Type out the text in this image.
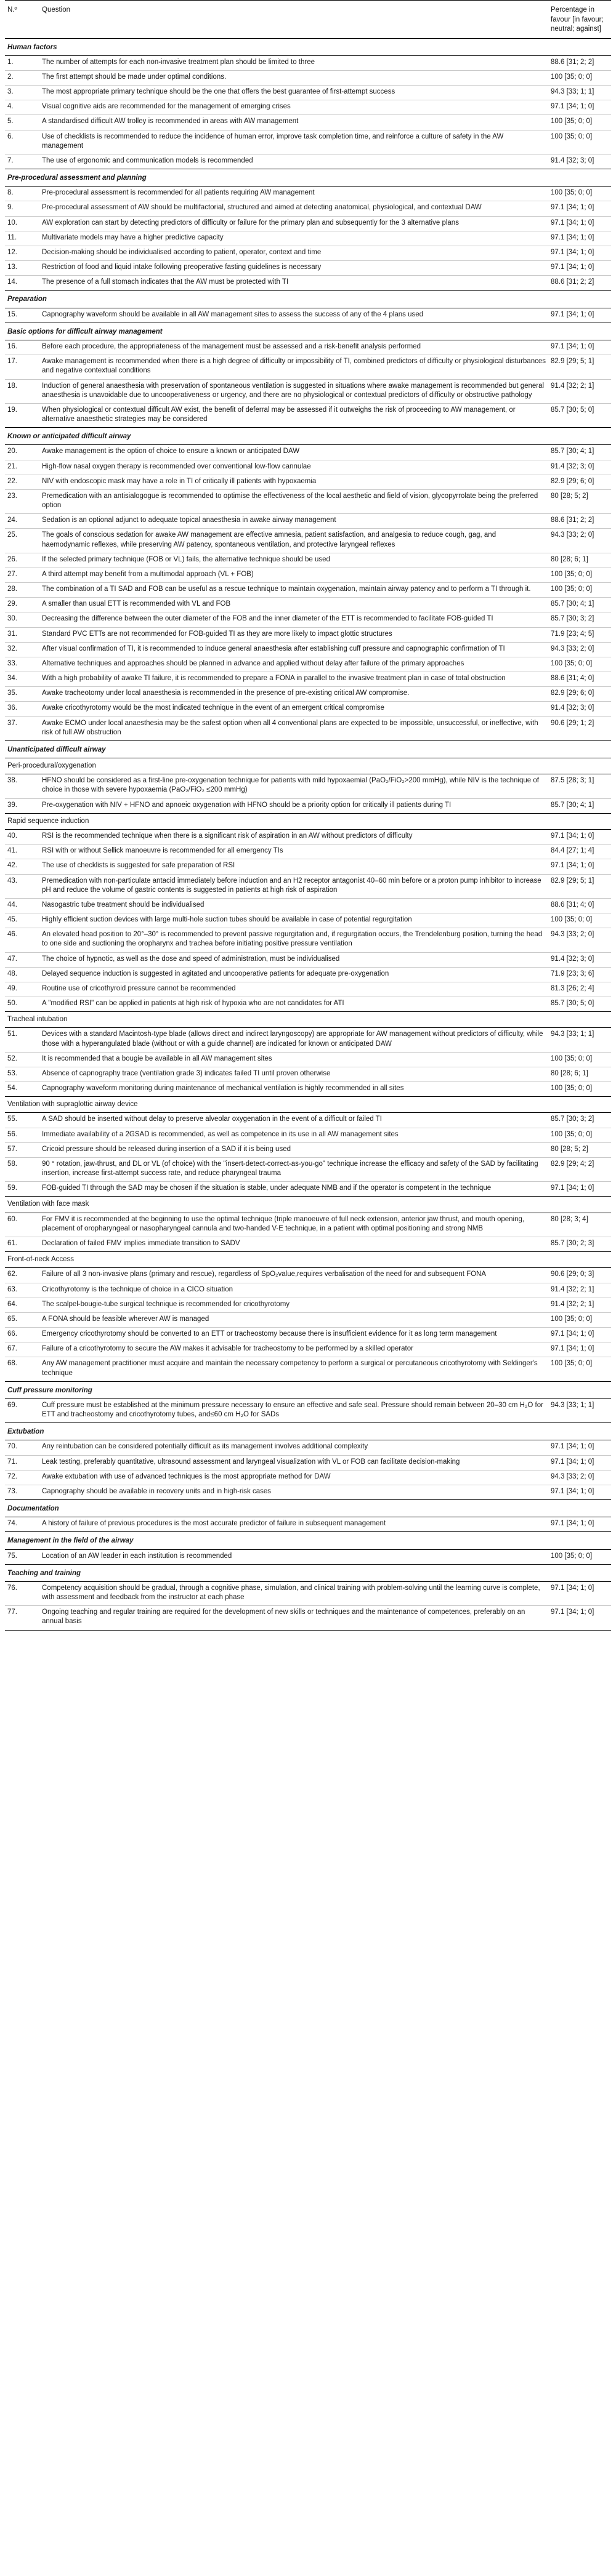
N.º	Question	Percentage in favour [in favour; neutral; against]
Human factors		
1.	The number of attempts for each non-invasive treatment plan should be limited to three	88.6 [31; 2; 2]
2.	The first attempt should be made under optimal conditions.	100 [35; 0; 0]
3.	The most appropriate primary technique should be the one that offers the best guarantee of first-attempt success	94.3 [33; 1; 1]
4.	Visual cognitive aids are recommended for the management of emerging crises	97.1 [34; 1; 0]
5.	A standardised difficult AW trolley is recommended in areas with AW management	100 [35; 0; 0]
6.	Use of checklists is recommended to reduce the incidence of human error, improve task completion time, and reinforce a culture of safety in the AW management	100 [35; 0; 0]
7.	The use of ergonomic and communication models is recommended	91.4 [32; 3; 0]
Pre-procedural assessment and planning		
8.	Pre-procedural assessment is recommended for all patients requiring AW management	100 [35; 0; 0]
9.	Pre-procedural assessment of AW should be multifactorial, structured and aimed at detecting anatomical, physiological, and contextual DAW	97.1 [34; 1; 0]
10.	AW exploration can start by detecting predictors of difficulty or failure for the primary plan and subsequently for the 3 alternative plans	97.1 [34; 1; 0]
11.	Multivariate models may have a higher predictive capacity	97.1 [34; 1; 0]
12.	Decision-making should be individualised according to patient, operator, context and time	97.1 [34; 1; 0]
13.	Restriction of food and liquid intake following preoperative fasting guidelines is necessary	97.1 [34; 1; 0]
14.	The presence of a full stomach indicates that the AW must be protected with TI	88.6 [31; 2; 2]
Preparation		
15.	Capnography waveform should be available in all AW management sites to assess the success of any of the 4 plans used	97.1 [34; 1; 0]
Basic options for difficult airway management		
16.	Before each procedure, the appropriateness of the management must be assessed and a risk-benefit analysis performed	97.1 [34; 1; 0]
17.	Awake management is recommended when there is a high degree of difficulty or impossibility of TI, combined predictors of difficulty or physiological disturbances and negative contextual conditions	82.9 [29; 5; 1]
18.	Induction of general anaesthesia with preservation of spontaneous ventilation is suggested in situations where awake management is recommended but general anaesthesia is unavoidable due to uncooperativeness or urgency, and there are no physiological or contextual predictors of difficulty or obstructive pathology	91.4 [32; 2; 1]
19.	When physiological or contextual difficult AW exist, the benefit of deferral may be assessed if it outweighs the risk of proceeding to AW management, or alternative anaesthetic strategies may be considered	85.7 [30; 5; 0]
Known or anticipated difficult airway		
20.	Awake management is the option of choice to ensure a known or anticipated DAW	85.7 [30; 4; 1]
21.	High-flow nasal oxygen therapy is recommended over conventional low-flow cannulae	91.4 [32; 3; 0]
22.	NIV with endoscopic mask may have a role in TI of critically ill patients with hypoxaemia	82.9 [29; 6; 0]
23.	Premedication with an antisialogogue is recommended to optimise the effectiveness of the local aesthetic and field of vision, glycopyrrolate being the preferred option	80 [28; 5; 2]
24.	Sedation is an optional adjunct to adequate topical anaesthesia in awake airway management	88.6 [31; 2; 2]
25.	The goals of conscious sedation for awake AW management are effective amnesia, patient satisfaction, and analgesia to reduce cough, gag, and haemodynamic reflexes, while preserving AW patency, spontaneous ventilation, and protective laryngeal reflexes	94.3 [33; 2; 0]
26.	If the selected primary technique (FOB or VL) fails, the alternative technique should be used	80 [28; 6; 1]
27.	A third attempt may benefit from a multimodal approach (VL + FOB)	100 [35; 0; 0]
28.	The combination of a TI SAD and FOB can be useful as a rescue technique to maintain oxygenation, maintain airway patency and to perform a TI through it.	100 [35; 0; 0]
29.	A smaller than usual ETT is recommended with VL and FOB	85.7 [30; 4; 1]
30.	Decreasing the difference between the outer diameter of the FOB and the inner diameter of the ETT is recommended to facilitate FOB-guided TI	85.7 [30; 3; 2]
31.	Standard PVC ETTs are not recommended for FOB-guided TI as they are more likely to impact glottic structures	71.9 [23; 4; 5]
32.	After visual confirmation of TI, it is recommended to induce general anaesthesia after establishing cuff pressure and capnographic confirmation of TI	94.3 [33; 2; 0]
33.	Alternative techniques and approaches should be planned in advance and applied without delay after failure of the primary approaches	100 [35; 0; 0]
34.	With a high probability of awake TI failure, it is recommended to prepare a FONA in parallel to the invasive treatment plan in case of total obstruction	88.6 [31; 4; 0]
35.	Awake tracheotomy under local anaesthesia is recommended in the presence of pre-existing critical AW compromise.	82.9 [29; 6; 0]
36.	Awake cricothyrotomy would be the most indicated technique in the event of an emergent critical compromise	91.4 [32; 3; 0]
37.	Awake ECMO under local anaesthesia may be the safest option when all 4 conventional plans are expected to be impossible, unsuccessful, or ineffective, with risk of full AW obstruction	90.6 [29; 1; 2]
Unanticipated difficult airway		
Peri-procedural/oxygenation		
38.	HFNO should be considered as a first-line pre-oxygenation technique for patients with mild hypoxaemial (PaO₂/FiO₂>200 mmHg), while NIV is the technique of choice in those with severe hypoxaemia (PaO₂/FiO₂ ≤200 mmHg)	87.5 [28; 3; 1]
39.	Pre-oxygenation with NIV + HFNO and apnoeic oxygenation with HFNO should be a priority option for critically ill patients during TI	85.7 [30; 4; 1]
Rapid sequence induction		
40.	RSI is the recommended technique when there is a significant risk of aspiration in an AW without predictors of difficulty	97.1 [34; 1; 0]
41.	RSI with or without Sellick manoeuvre is recommended for all emergency TIs	84.4 [27; 1; 4]
42.	The use of checklists is suggested for safe preparation of RSI	97.1 [34; 1; 0]
43.	Premedication with non-particulate antacid immediately before induction and an H2 receptor antagonist 40–60 min before or a proton pump inhibitor to increase pH and reduce the volume of gastric contents is suggested in patients at high risk of aspiration	82.9 [29; 5; 1]
44.	Nasogastric tube treatment should be individualised	88.6 [31; 4; 0]
45.	Highly efficient suction devices with large multi-hole suction tubes should be available in case of potential regurgitation	100 [35; 0; 0]
46.	An elevated head position to 20°–30° is recommended to prevent passive regurgitation and, if regurgitation occurs, the Trendelenburg position, turning the head to one side and suctioning the oropharynx and trachea before initiating positive pressure ventilation	94.3 [33; 2; 0]
47.	The choice of hypnotic, as well as the dose and speed of administration, must be individualised	91.4 [32; 3; 0]
48.	Delayed sequence induction is suggested in agitated and uncooperative patients for adequate pre-oxygenation	71.9 [23; 3; 6]
49.	Routine use of cricothyroid pressure cannot be recommended	81.3 [26; 2; 4]
50.	A "modified RSI" can be applied in patients at high risk of hypoxia who are not candidates for ATI	85.7 [30; 5; 0]
Tracheal intubation		
51.	Devices with a standard Macintosh-type blade (allows direct and indirect laryngoscopy) are appropriate for AW management without predictors of difficulty, while those with a hyperangulated blade (without or with a guide channel) are indicated for known or anticipated DAW	94.3 [33; 1; 1]
52.	It is recommended that a bougie be available in all AW management sites	100 [35; 0; 0]
53.	Absence of capnography trace (ventilation grade 3) indicates failed TI until proven otherwise	80 [28; 6; 1]
54.	Capnography waveform monitoring during maintenance of mechanical ventilation is highly recommended in all sites	100 [35; 0; 0]
Ventilation with supraglottic airway device		
55.	A SAD should be inserted without delay to preserve alveolar oxygenation in the event of a difficult or failed TI	85.7 [30; 3; 2]
56.	Immediate availability of a 2GSAD is recommended, as well as competence in its use in all AW management sites	100 [35; 0; 0]
57.	Cricoid pressure should be released during insertion of a SAD if it is being used	80 [28; 5; 2]
58.	90 ° rotation, jaw-thrust, and DL or VL (of choice) with the "insert-detect-correct-as-you-go" technique increase the efficacy and safety of the SAD by facilitating insertion, increase first-attempt success rate, and reduce pharyngeal trauma	82.9 [29; 4; 2]
59.	FOB-guided TI through the SAD may be chosen if the situation is stable, under adequate NMB and if the operator is competent in the technique	97.1 [34; 1; 0]
Ventilation with face mask		
60.	For FMV it is recommended at the beginning to use the optimal technique (triple manoeuvre of full neck extension, anterior jaw thrust, and mouth opening, placement of oropharyngeal or nasopharyngeal cannula and two-handed V-E technique, in a patient with optimal positioning and strong NMB	80 [28; 3; 4]
61.	Declaration of failed FMV implies immediate transition to SADV	85.7 [30; 2; 3]
Front-of-neck Access		
62.	Failure of all 3 non-invasive plans (primary and rescue), regardless of SpO₂value,requires verbalisation of the need for and subsequent FONA	90.6 [29; 0; 3]
63.	Cricothyrotomy is the technique of choice in a CICO situation	91.4 [32; 2; 1]
64.	The scalpel-bougie-tube surgical technique is recommended for cricothyrotomy	91.4 [32; 2; 1]
65.	A FONA should be feasible wherever AW is managed	100 [35; 0; 0]
66.	Emergency cricothyrotomy should be converted to an ETT or tracheostomy because there is insufficient evidence for it as long term management	97.1 [34; 1; 0]
67.	Failure of a cricothyrotomy to secure the AW makes it advisable for tracheostomy to be performed by a skilled operator	97.1 [34; 1; 0]
68.	Any AW management practitioner must acquire and maintain the necessary competency to perform a surgical or percutaneous cricothyrotomy with Seldinger's technique	100 [35; 0; 0]
Cuff pressure monitoring		
69.	Cuff pressure must be established at the minimum pressure necessary to ensure an effective and safe seal. Pressure should remain between 20–30 cm H₂O for ETT and tracheostomy and cricothyrotomy tubes, and≤60 cm H₂O for SADs	94.3 [33; 1; 1]
Extubation		
70.	Any reintubation can be considered potentially difficult as its management involves additional complexity	97.1 [34; 1; 0]
71.	Leak testing, preferably quantitative, ultrasound assessment and laryngeal visualization with VL or FOB can facilitate decision-making	97.1 [34; 1; 0]
72.	Awake extubation with use of advanced techniques is the most appropriate method for DAW	94.3 [33; 2; 0]
73.	Capnography should be available in recovery units and in high-risk cases	97.1 [34; 1; 0]
Documentation		
74.	A history of failure of previous procedures is the most accurate predictor of failure in subsequent management	97.1 [34; 1; 0]
Management in the field of the airway		
75.	Location of an AW leader in each institution is recommended	100 [35; 0; 0]
Teaching and training		
76.	Competency acquisition should be gradual, through a cognitive phase, simulation, and clinical training with problem-solving until the learning curve is complete, with assessment and feedback from the instructor at each phase	97.1 [34; 1; 0]
77.	Ongoing teaching and regular training are required for the development of new skills or techniques and the maintenance of competences, preferably on an annual basis	97.1 [34; 1; 0]
